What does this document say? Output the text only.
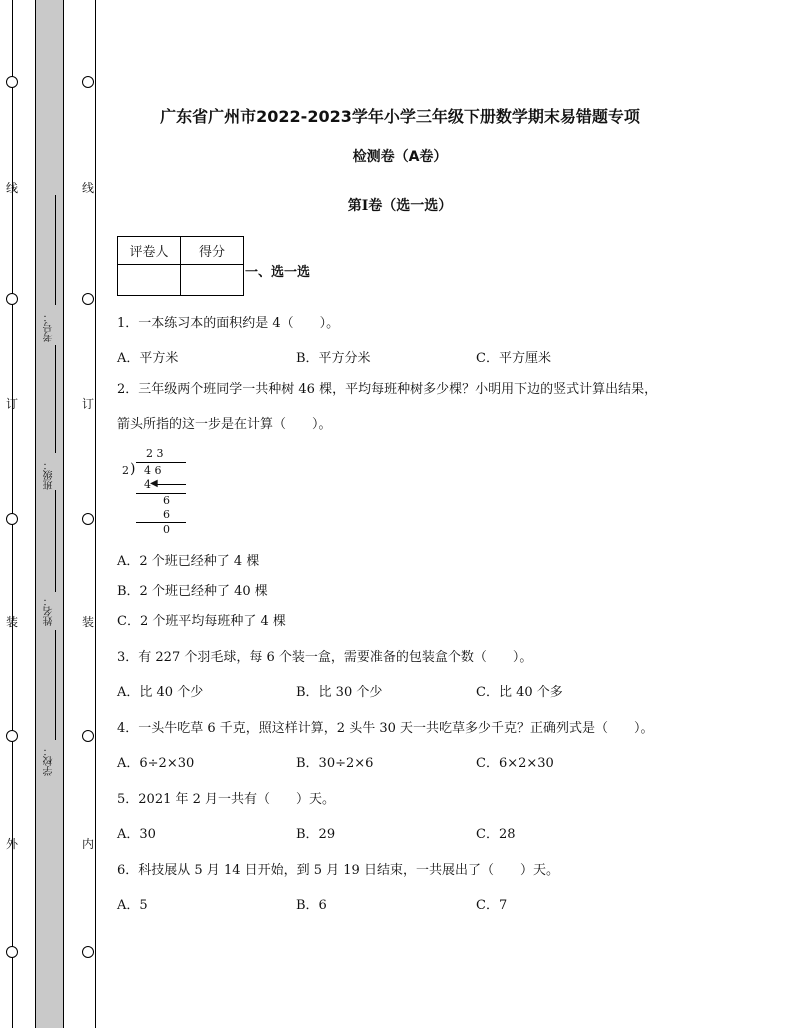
线
订
装
外
线
订
装
内
考号：
班级：
姓名：
学校：
广东省广州市2022-2023学年小学三年级下册数学期末易错题专项
检测卷（A卷）
第I卷（选一选）
评卷人	得分

一、选一选
1．一本练习本的面积约是 4（　　）。
A．平方米	B．平方分米	C．平方厘米
2．三年级两个班同学一共种树 46 棵，平均每班种树多少棵？小明用下边的竖式计算出结果，
箭头所指的这一步是在计算（　　）。
2 3
2 ) 4 6
4 ◀
6
6
0
A．2 个班已经种了 4 棵
B．2 个班已经种了 40 棵
C．2 个班平均每班种了 4 棵
3．有 227 个羽毛球，每 6 个装一盒，需要准备的包装盒个数（　　）。
A．比 40 个少	B．比 30 个少	C．比 40 个多
4．一头牛吃草 6 千克，照这样计算，2 头牛 30 天一共吃草多少千克？正确列式是（　　）。
A．6÷2×30	B．30÷2×6	C．6×2×30
5．2021 年 2 月一共有（　　）天。
A．30	B．29	C．28
6．科技展从 5 月 14 日开始，到 5 月 19 日结束，一共展出了（　　）天。
A．5	B．6	C．7
